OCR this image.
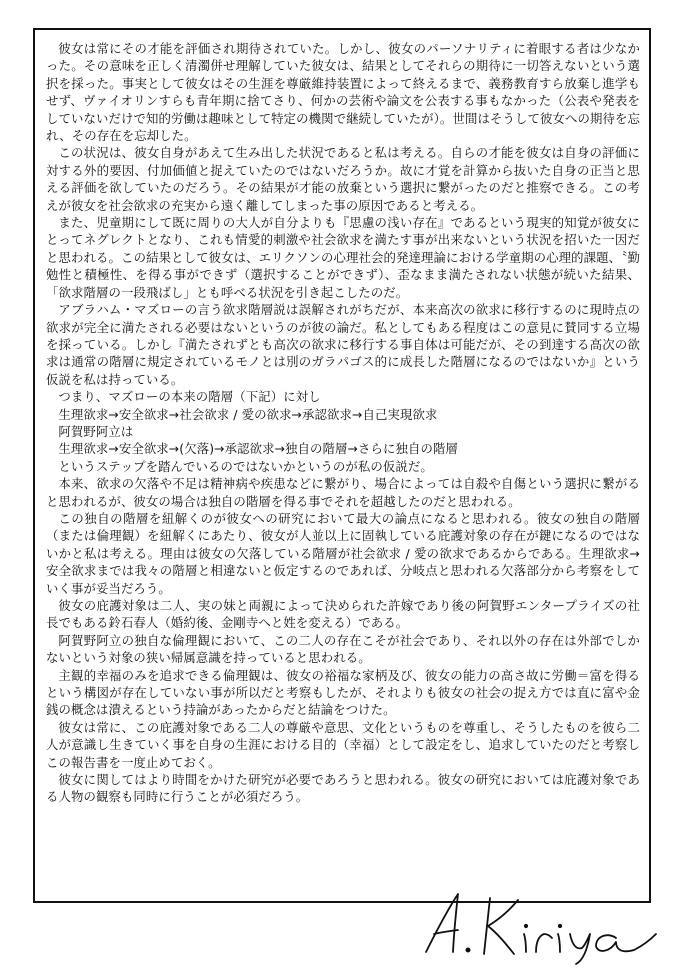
彼女は常にその才能を評価され期待されていた。しかし、彼女のパーソナリティに着眼する者は少なかった。その意味を正しく清濁併せ理解していた彼女は、結果としてそれらの期待に一切答えないという選択を採った。事実として彼女はその生涯を尊厳維持装置によって終えるまで、義務教育すら放棄し進学もせず、ヴァイオリンすらも青年期に捨てさり、何かの芸術や論文を公表する事もなかった（公表や発表をしていないだけで知的労働は趣味として特定の機関で継続していたが）。世間はそうして彼女への期待を忘れ、その存在を忘却した。

この状況は、彼女自身があえて生み出した状況であると私は考える。自らの才能を彼女は自身の評価に対する外的要因、付加価値と捉えていたのではないだろうか。故に才覚を計算から抜いた自身の正当と思える評価を欲していたのだろう。その結果が才能の放棄という選択に繋がったのだと推察できる。この考えが彼女を社会欲求の充実から遠く離してしまった事の原因であると考える。

また、児童期にして既に周りの大人が自分よりも『思慮の浅い存在』であるという現実的知覚が彼女にとってネグレクトとなり、これも情愛的刺激や社会欲求を満たす事が出来ないという状況を招いた一因だと思われる。この結果として彼女は、エリクソンの心理社会的発達理論における学童期の心理的課題、〝勤勉性と積極性、を得る事ができず（選択することができず）、歪なまま満たされない状態が続いた結果、「欲求階層の一段飛ばし」とも呼べる状況を引き起こしたのだ。

アブラハム・マズローの言う欲求階層説は誤解されがちだが、本来高次の欲求に移行するのに現時点の欲求が完全に満たされる必要はないというのが彼の論だ。私としてもある程度はこの意見に賛同する立場を採っている。しかし『満たされずとも高次の欲求に移行する事自体は可能だが、その到達する高次の欲求は通常の階層に規定されているモノとは別のガラパゴス的に成長した階層になるのではないか』という仮説を私は持っている。

つまり、マズローの本来の階層（下記）に対し

生理欲求→安全欲求→社会欲求 / 愛の欲求→承認欲求→自己実現欲求

阿賀野阿立は

生理欲求→安全欲求→(欠落)→承認欲求→独自の階層→さらに独自の階層

というステップを踏んでいるのではないかというのが私の仮説だ。

本来、欲求の欠落や不足は精神病や疾患などに繋がり、場合によっては自殺や自傷という選択に繋がると思われるが、彼女の場合は独自の階層を得る事でそれを超越したのだと思われる。

この独自の階層を紐解くのが彼女への研究において最大の論点になると思われる。彼女の独自の階層（または倫理観）を紐解くにあたり、彼女が人並以上に固執している庇護対象の存在が鍵になるのではないかと私は考える。理由は彼女の欠落している階層が社会欲求 / 愛の欲求であるからである。生理欲求→安全欲求までは我々の階層と相違ないと仮定するのであれば、分岐点と思われる欠落部分から考察をしていく事が妥当だろう。

彼女の庇護対象は二人、実の妹と両親によって決められた許嫁であり後の阿賀野エンタープライズの社長でもある鈴石春人（婚約後、金剛寺へと姓を変える）である。

阿賀野阿立の独自な倫理観において、この二人の存在こそが社会であり、それ以外の存在は外部でしかないという対象の狭い帰属意識を持っていると思われる。

主観的幸福のみを追求できる倫理観は、彼女の裕福な家柄及び、彼女の能力の高さ故に労働＝富を得るという構図が存在していない事が所以だと考察もしたが、それよりも彼女の社会の捉え方では直に富や金銭の概念は潰えるという持論があったからだと結論をつけた。

彼女は常に、この庇護対象である二人の尊厳や意思、文化というものを尊重し、そうしたものを彼ら二人が意識し生きていく事を自身の生涯における目的（幸福）として設定をし、追求していたのだと考察しこの報告書を一度止めておく。

彼女に関してはより時間をかけた研究が必要であろうと思われる。彼女の研究においては庇護対象である人物の観察も同時に行うことが必須だろう。
